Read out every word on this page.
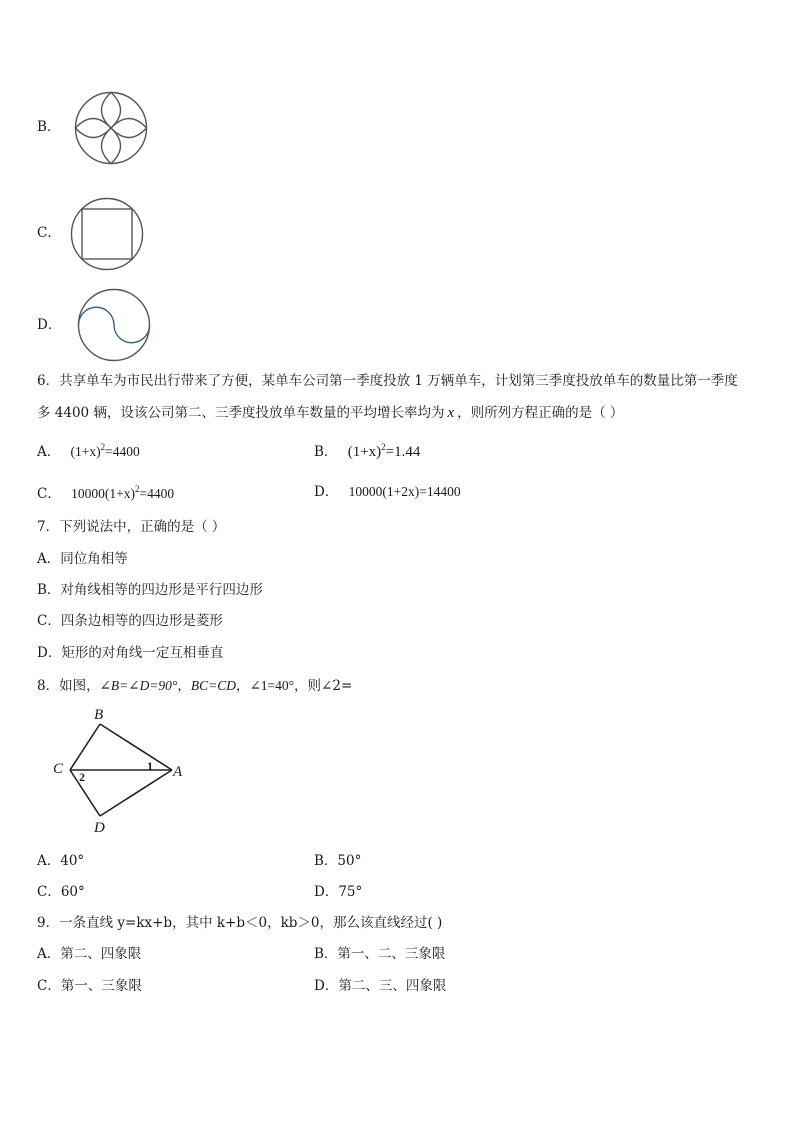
B．
C．
D．
6．共享单车为市民出行带来了方便，某单车公司第一季度投放 1 万辆单车，计划第三季度投放单车的数量比第一季度
多 4400 辆，设该公司第二、三季度投放单车数量的平均增长率均为 x ，则所列方程正确的是（ ）
A． $(1+x)^2=4400$	B． $(1+x)^2=1.44$
C． $10000(1+x)^2=4400$	D． 10000(1+2x)=14400
7．下列说法中，正确的是（ ）
A．同位角相等
B．对角线相等的四边形是平行四边形
C．四条边相等的四边形是菱形
D．矩形的对角线一定互相垂直
8．如图，∠B=∠D=90°，BC=CD，∠1=40°，则∠2=
B
C	A
D
1
2
A．40°	B．50°
C．60°	D．75°
9．一条直线 y=kx+b，其中 k+b＜0，kb＞0，那么该直线经过( )
A．第二、四象限	B．第一、二、三象限
C．第一、三象限	D．第二、三、四象限
